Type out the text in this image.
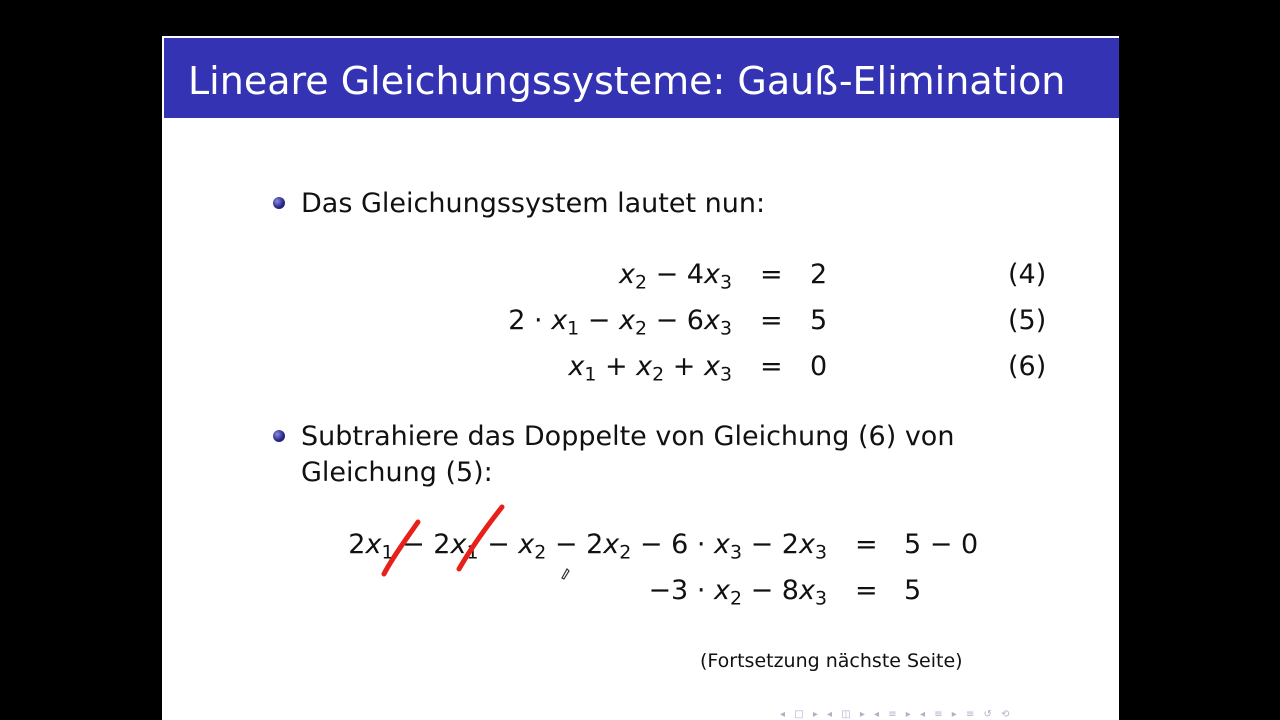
Lineare Gleichungssysteme: Gauß-Elimination
Das Gleichungssystem lautet nun:
$x_2 - 4x_3 = 2$	(4)
$2 \cdot x_1 - x_2 - 6x_3 = 5$	(5)
$x_1 + x_2 + x_3 = 0$	(6)
Subtrahiere das Doppelte von Gleichung (6) von
Gleichung (5):
$2x_1 - 2x_1 - x_2 - 2x_2 - 6 \cdot x_3 - 2x_3 = 5 - 0$
$-3 \cdot x_2 - 8x_3 = 5$
(Fortsetzung nächste Seite)
◂ □ ▸ ◂ ◫ ▸ ◂ ≡ ▸ ◂ ≡ ▸ ≡ ↺ ⟲
